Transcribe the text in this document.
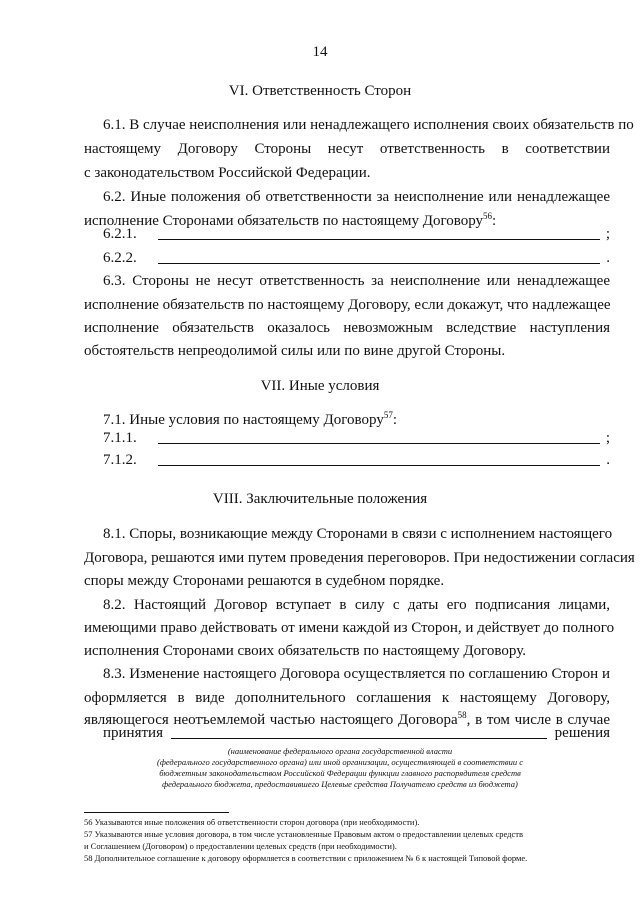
14
VI. Ответственность Сторон
6.1. В случае неисполнения или ненадлежащего исполнения своих обязательств по
настоящему Договору Стороны несут ответственность в соответствии
с законодательством Российской Федерации.
6.2. Иные положения об ответственности за неисполнение или ненадлежащее
исполнение Сторонами обязательств по настоящему Договору$^{56}$:
6.2.1.	;
6.2.2.	.
6.3. Стороны не несут ответственность за неисполнение или ненадлежащее
исполнение обязательств по настоящему Договору, если докажут, что надлежащее
исполнение обязательств оказалось невозможным вследствие наступления
обстоятельств непреодолимой силы или по вине другой Стороны.
VII. Иные условия
7.1. Иные условия по настоящему Договору$^{57}$:
7.1.1.	;
7.1.2.	.
VIII. Заключительные положения
8.1. Споры, возникающие между Сторонами в связи с исполнением настоящего
Договора, решаются ими путем проведения переговоров. При недостижении согласия
споры между Сторонами решаются в судебном порядке.
8.2. Настоящий Договор вступает в силу с даты его подписания лицами,
имеющими право действовать от имени каждой из Сторон, и действует до полного
исполнения Сторонами своих обязательств по настоящему Договору.
8.3. Изменение настоящего Договора осуществляется по соглашению Сторон и
оформляется в виде дополнительного соглашения к настоящему Договору,
являющегося неотъемлемой частью настоящего Договора$^{58}$, в том числе в случае
принятия	решения
(наименование федерального органа государственной власти
(федерального государственного органа) или иной организации, осуществляющей в соответствии с
бюджетным законодательством Российской Федерации функции главного распорядителя средств
федерального бюджета, предоставившего Целевые средства Получателю средств из бюджета)
56 Указываются иные положения об ответственности сторон договора (при необходимости).
57 Указываются иные условия договора, в том числе установленные Правовым актом о предоставлении целевых средств
и Соглашением (Договором) о предоставлении целевых средств (при необходимости).
58 Дополнительное соглашение к договору оформляется в соответствии с приложением № 6 к настоящей Типовой форме.
